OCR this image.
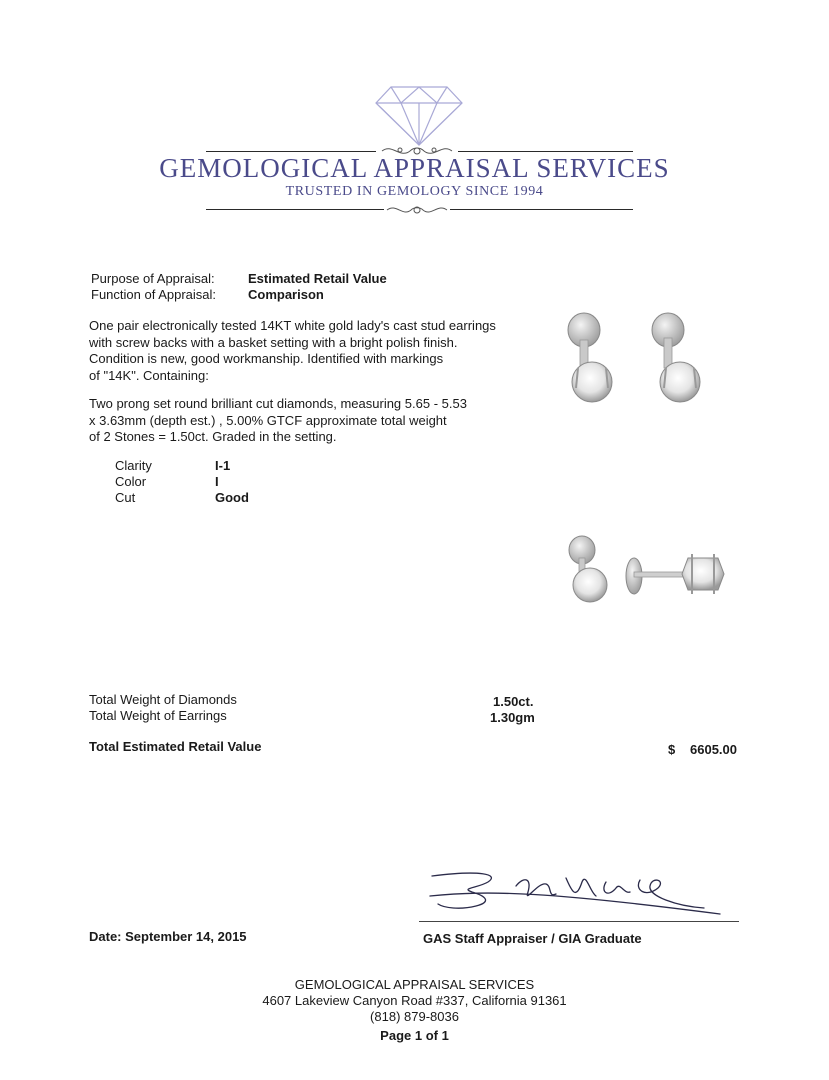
GEMOLOGICAL APPRAISAL SERVICES
TRUSTED IN GEMOLOGY SINCE 1994
Purpose of Appraisal:	Estimated Retail Value
Function of Appraisal: Comparison
One pair electronically tested 14KT white gold lady's cast stud earrings
with screw backs with a basket setting with a bright polish finish.
Condition is new, good workmanship. Identified with markings
of "14K". Containing:
Two prong set round brilliant cut diamonds, measuring 5.65 - 5.53
x 3.63mm (depth est.) , 5.00% GTCF approximate total weight
of 2 Stones = 1.50ct. Graded in the setting.
Clarity	I-1
Color	I
Cut	Good
Total Weight of Diamonds	1.50ct.
Total Weight of Earrings	1.30gm
Total Estimated Retail Value	$ 6605.00
Date: September 14, 2015	GAS Staff Appraiser / GIA Graduate
GEMOLOGICAL APPRAISAL SERVICES
4607 Lakeview Canyon Road #337, California 91361
(818) 879-8036
Page 1 of 1
